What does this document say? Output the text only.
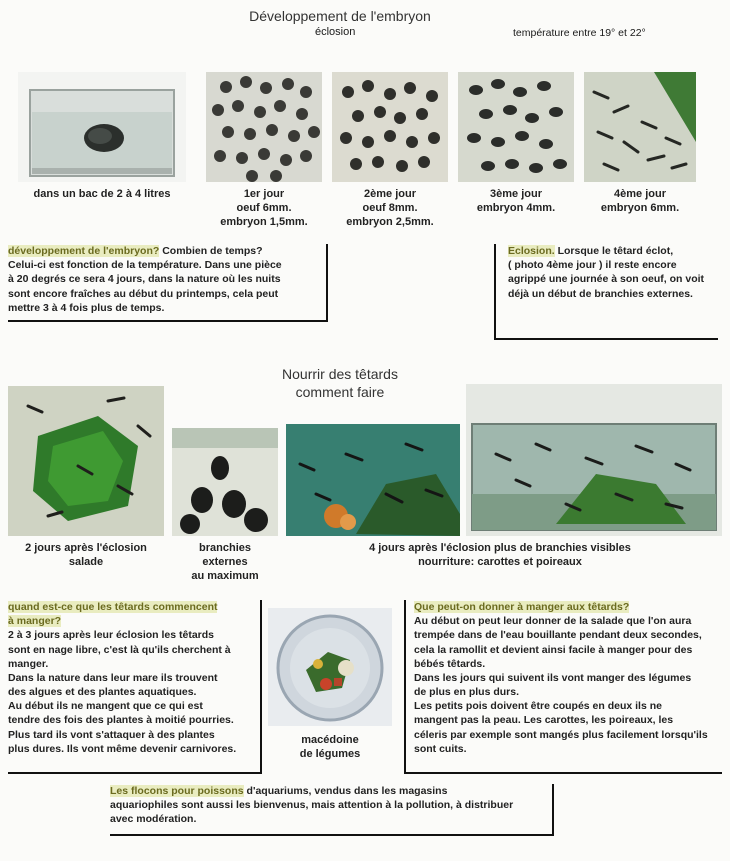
Développement de l'embryon
éclosion	température entre 19° et 22°
dans un bac de 2 à 4 litres	1er jour
oeuf 6mm.
embryon 1,5mm.
2ème jour
oeuf 8mm.
embryon 2,5mm.
3ème jour
embryon 4mm.
4ème jour
embryon 6mm.
développement de l'embryon? Combien de temps?
Celui-ci est fonction de la température. Dans une pièce
à 20 degrés ce sera 4 jours, dans la nature où les nuits
sont encore fraîches au début du printemps, cela peut
mettre 3 à 4 fois plus de temps.
Eclosion. Lorsque le têtard éclot,
( photo 4ème jour ) il reste encore
agrippé une journée à son oeuf, on voit
déjà un début de branchies externes.
Nourrir des têtards
comment faire
2 jours après l'éclosion
salade
branchies
externes
au maximum
4 jours après l'éclosion plus de branchies visibles
nourriture: carottes et poireaux
quand est-ce que les têtards commencent
à manger?
2 à 3 jours après leur éclosion les têtards
sont en nage libre, c'est là qu'ils cherchent à
manger.
Dans la nature dans leur mare ils trouvent
des algues et des plantes aquatiques.
Au début ils ne mangent que ce qui est
tendre des fois des plantes à moitié pourries.
Plus tard ils vont s'attaquer à des plantes
plus dures. Ils vont même devenir carnivores.
macédoine
de légumes
Que peut-on donner à manger aux têtards?
Au début on peut leur donner de la salade que l'on aura
trempée dans de l'eau bouillante pendant deux secondes,
cela la ramollit et devient ainsi facile à manger pour des
bébés têtards.
Dans les jours qui suivent ils vont manger des légumes
de plus en plus durs.
Les petits pois doivent être coupés en deux ils ne
mangent pas la peau. Les carottes, les poireaux, les
céleris par exemple sont mangés plus facilement lorsqu'ils
sont cuits.
Les flocons pour poissons d'aquariums, vendus dans les magasins
aquariophiles sont aussi les bienvenus, mais attention à la pollution, à distribuer
avec modération.
